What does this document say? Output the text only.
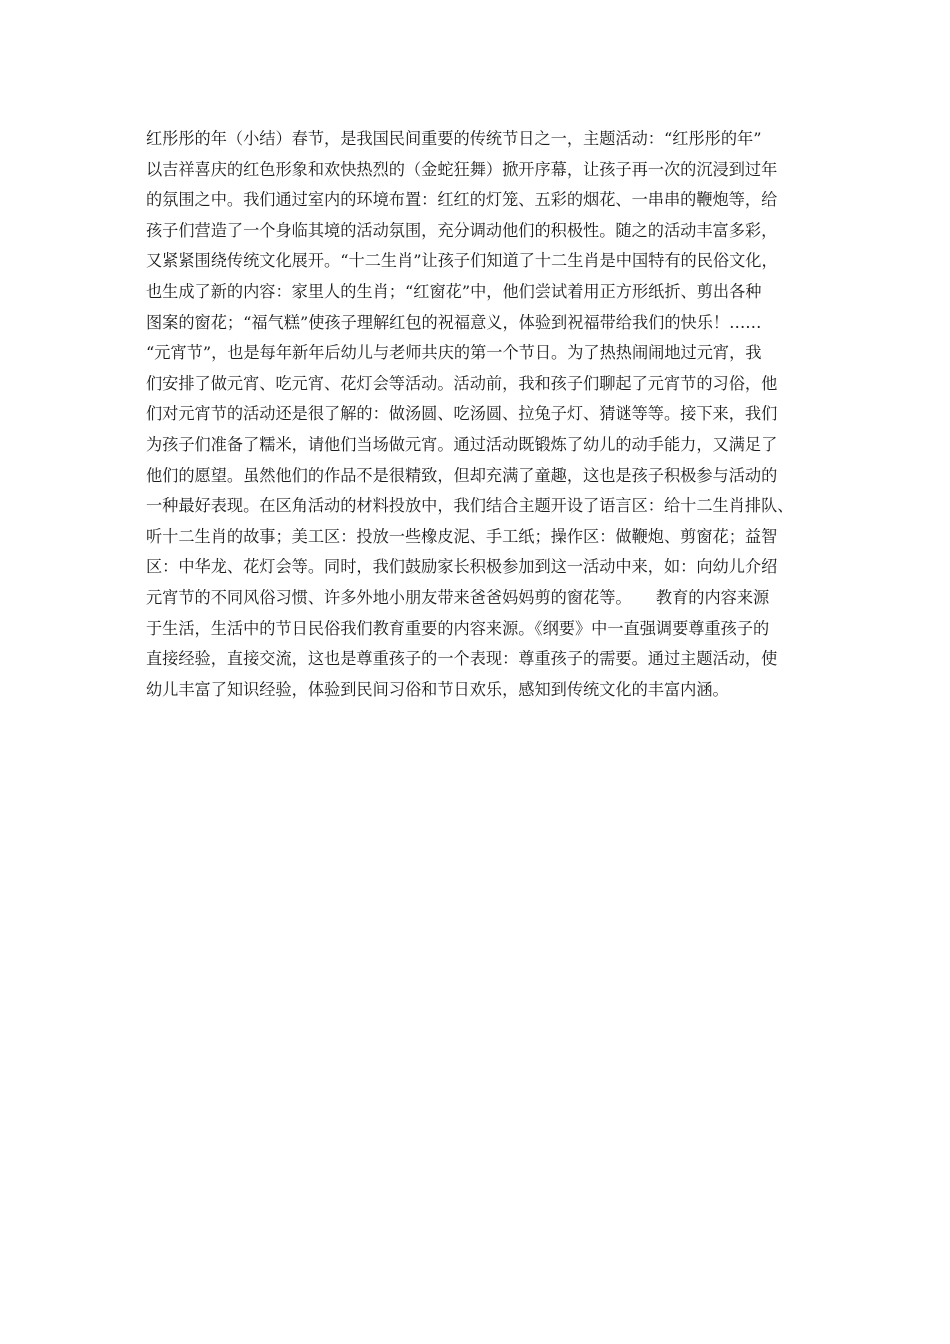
红彤彤的年（小结）春节，是我国民间重要的传统节日之一，主题活动：“红彤彤的年”
以吉祥喜庆的红色形象和欢快热烈的（金蛇狂舞）掀开序幕，让孩子再一次的沉浸到过年
的氛围之中。我们通过室内的环境布置：红红的灯笼、五彩的烟花、一串串的鞭炮等，给
孩子们营造了一个身临其境的活动氛围，充分调动他们的积极性。随之的活动丰富多彩，
又紧紧围绕传统文化展开。“十二生肖”让孩子们知道了十二生肖是中国特有的民俗文化，
也生成了新的内容：家里人的生肖；“红窗花”中，他们尝试着用正方形纸折、剪出各种
图案的窗花；“福气糕”使孩子理解红包的祝福意义，体验到祝福带给我们的快乐！……
“元宵节”，也是每年新年后幼儿与老师共庆的第一个节日。为了热热闹闹地过元宵，我
们安排了做元宵、吃元宵、花灯会等活动。活动前，我和孩子们聊起了元宵节的习俗，他
们对元宵节的活动还是很了解的：做汤圆、吃汤圆、拉兔子灯、猜谜等等。接下来，我们
为孩子们准备了糯米，请他们当场做元宵。通过活动既锻炼了幼儿的动手能力，又满足了
他们的愿望。虽然他们的作品不是很精致，但却充满了童趣，这也是孩子积极参与活动的
一种最好表现。在区角活动的材料投放中，我们结合主题开设了语言区：给十二生肖排队、
听十二生肖的故事；美工区：投放一些橡皮泥、手工纸；操作区：做鞭炮、剪窗花；益智
区：中华龙、花灯会等。同时，我们鼓励家长积极参加到这一活动中来，如：向幼儿介绍
元宵节的不同风俗习惯、许多外地小朋友带来爸爸妈妈剪的窗花等。　　教育的内容来源
于生活，生活中的节日民俗我们教育重要的内容来源。《纲要》中一直强调要尊重孩子的
直接经验，直接交流，这也是尊重孩子的一个表现：尊重孩子的需要。通过主题活动，使
幼儿丰富了知识经验，体验到民间习俗和节日欢乐，感知到传统文化的丰富内涵。
